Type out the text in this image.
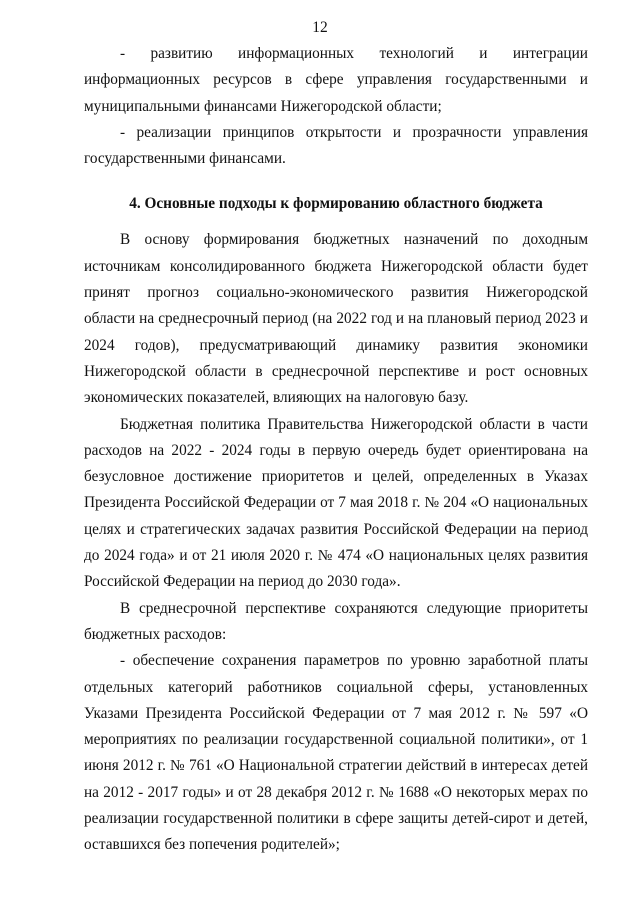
12

- развитию информационных технологий и интеграции информационных ресурсов в сфере управления государственными и муниципальными финансами Нижегородской области;

- реализации принципов открытости и прозрачности управления государственными финансами.

4. Основные подходы к формированию областного бюджета

В основу формирования бюджетных назначений по доходным источникам консолидированного бюджета Нижегородской области будет принят прогноз социально-экономического развития Нижегородской области на среднесрочный период (на 2022 год и на плановый период 2023 и 2024 годов), предусматривающий динамику развития экономики Нижегородской области в среднесрочной перспективе и рост основных экономических показателей, влияющих на налоговую базу.

Бюджетная политика Правительства Нижегородской области в части расходов на 2022 - 2024 годы в первую очередь будет ориентирована на безусловное достижение приоритетов и целей, определенных в Указах Президента Российской Федерации от 7 мая 2018 г. № 204 «О национальных целях и стратегических задачах развития Российской Федерации на период до 2024 года» и от 21 июля 2020 г. № 474 «О национальных целях развития Российской Федерации на период до 2030 года».

В среднесрочной перспективе сохраняются следующие приоритеты бюджетных расходов:

- обеспечение сохранения параметров по уровню заработной платы отдельных категорий работников социальной сферы, установленных Указами Президента Российской Федерации от 7 мая 2012 г. № 597 «О мероприятиях по реализации государственной социальной политики», от 1 июня 2012 г. № 761 «О Национальной стратегии действий в интересах детей на 2012 - 2017 годы» и от 28 декабря 2012 г. № 1688 «О некоторых мерах по реализации государственной политики в сфере защиты детей-сирот и детей, оставшихся без попечения родителей»;
